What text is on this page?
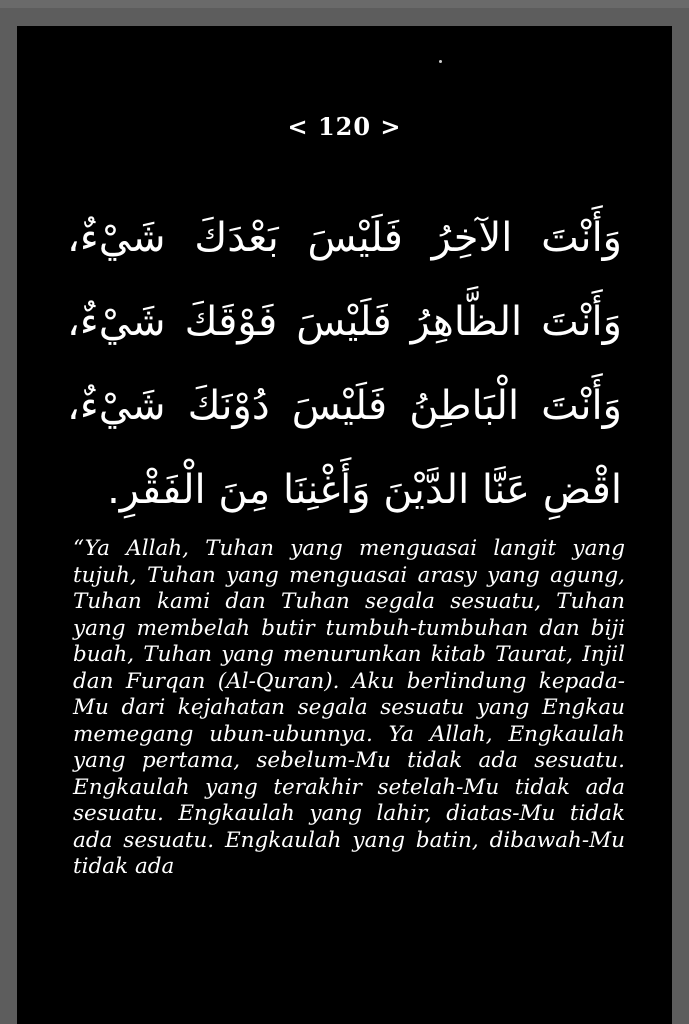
< 120 >
وَأَنْتَ الآخِرُ فَلَيْسَ بَعْدَكَ شَيْءٌ، وَأَنْتَ الظَّاهِرُ فَلَيْسَ فَوْقَكَ شَيْءٌ، وَأَنْتَ الْبَاطِنُ فَلَيْسَ دُوْنَكَ شَيْءٌ، اقْضِ عَنَّا الدَّيْنَ وَأَغْنِنَا مِنَ الْفَقْرِ.
“Ya Allah, Tuhan yang menguasai langit yang tujuh, Tuhan yang menguasai arasy yang agung, Tuhan kami dan Tuhan segala sesuatu, Tuhan yang membelah butir tumbuh-tumbuhan dan biji buah, Tuhan yang menurunkan kitab Taurat, Injil dan Furqan (Al-Quran). Aku berlindung kepada-Mu dari kejahatan segala sesuatu yang Engkau memegang ubun-ubunnya. Ya Allah, Engkaulah yang pertama, sebelum-Mu tidak ada sesuatu. Engkaulah yang terakhir setelah-Mu tidak ada sesuatu. Engkaulah yang lahir, diatas-Mu tidak ada sesuatu. Engkaulah yang batin, dibawah-Mu tidak ada
